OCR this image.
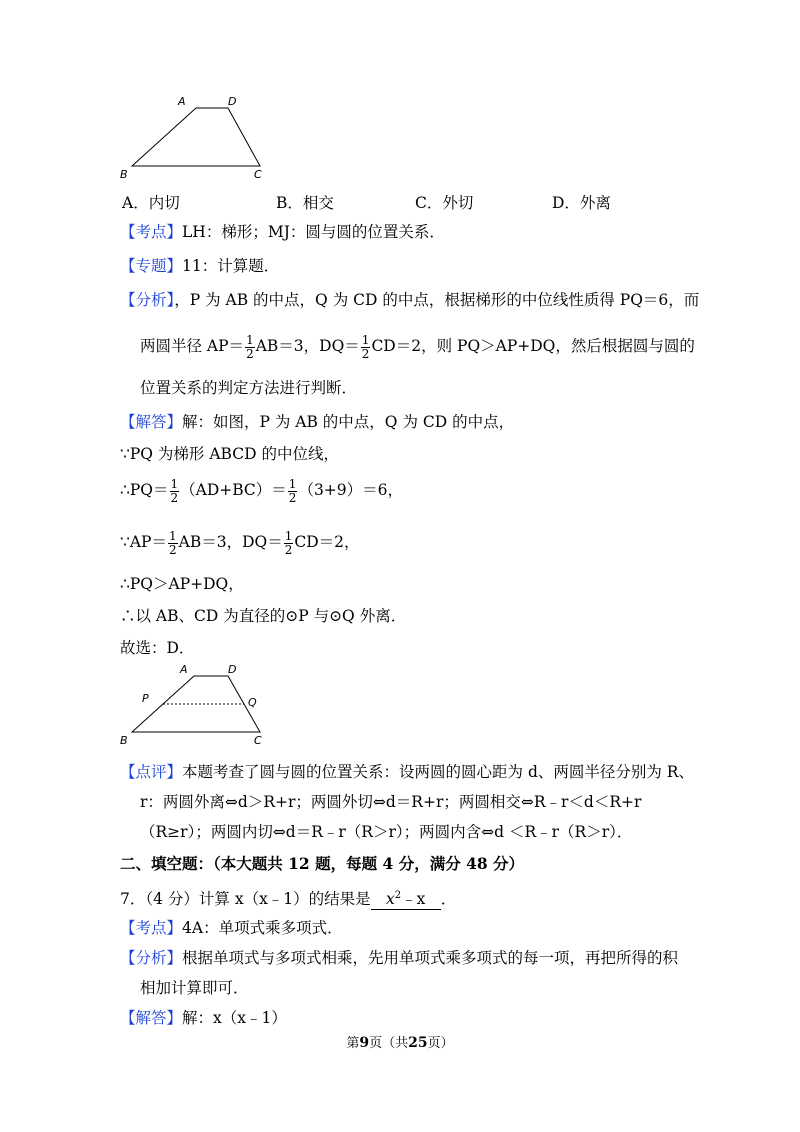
A	D
B	C
A．内切	B．相交	C．外切	D．外离
【考点】LH：梯形；MJ：圆与圆的位置关系．
【专题】11：计算题．
【分析】，P 为 AB 的中点，Q 为 CD 的中点，根据梯形的中位线性质得 PQ＝6，而
两圆半径 $AP= \frac{1}{2} AB=3$，$DQ= \frac{1}{2} CD=2$，则 PQ＞AP+DQ，然后根据圆与圆的
位置关系的判定方法进行判断．
【解答】解：如图，P 为 AB 的中点，Q 为 CD 的中点，
∵PQ 为梯形 ABCD 的中位线，
∴PQ＝ $\frac{1}{2} (AD+BC)= \frac{1}{2} (3+9)=6$，
∵AP＝ $\frac{1}{2} AB=3$，$DQ= \frac{1}{2} CD=2$，
∴PQ＞AP+DQ，
∴以 AB、CD 为直径的⊙P 与⊙Q 外离．
故选：D．
A	D
P	Q
B	C
【点评】本题考查了圆与圆的位置关系：设两圆的圆心距为 d、两圆半径分别为 R、
r：两圆外离⇔d＞R+r；两圆外切⇔d＝R+r；两圆相交⇔R﹣r＜d＜R+r
（R≥r）；两圆内切⇔d＝R﹣r（R＞r）；两圆内含⇔d ＜R﹣r（R＞r）．
二、填空题：（本大题共 12 题，每题 4 分，满分 48 分）
7．（4 分）计算 x（x﹣1）的结果是 $x^2﹣x$ ．
【考点】4A：单项式乘多项式．
【分析】根据单项式与多项式相乘，先用单项式乘多项式的每一项，再把所得的积
相加计算即可．
【解答】解：x（x﹣1）
第9页（共25页）
